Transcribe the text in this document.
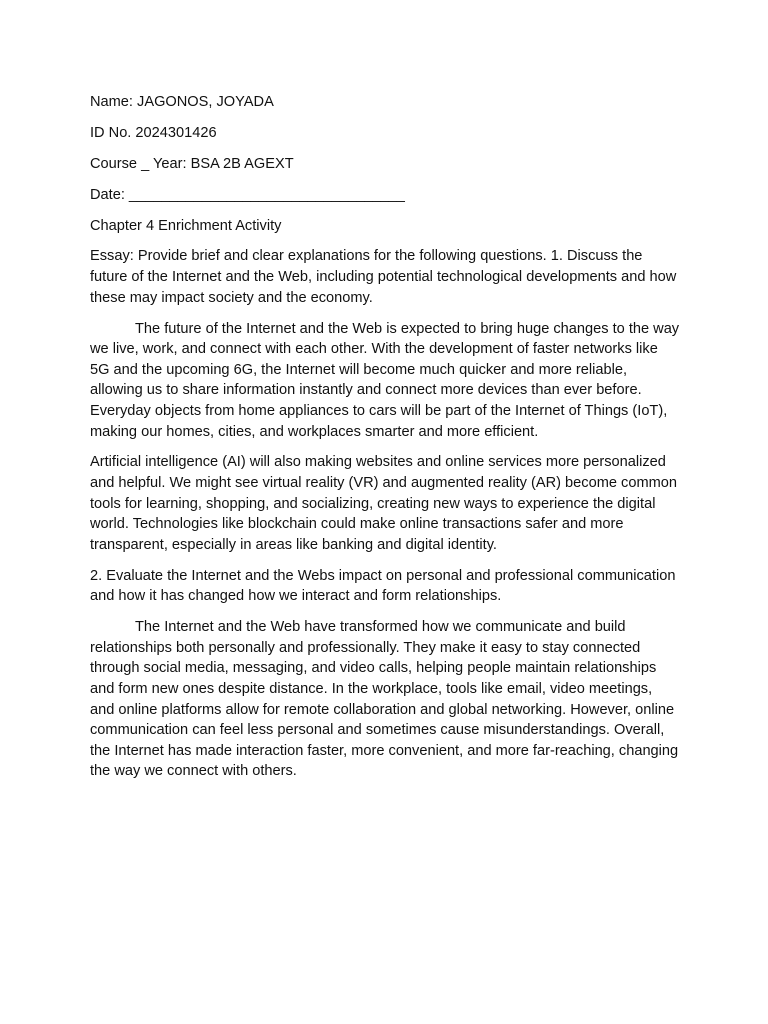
Name: JAGONOS, JOYADA
ID No. 2024301426
Course _ Year: BSA 2B AGEXT
Date: __________________________________
Chapter 4 Enrichment Activity

Essay: Provide brief and clear explanations for the following questions. 1. Discuss the future of the Internet and the Web, including potential technological developments and how these may impact society and the economy.

The future of the Internet and the Web is expected to bring huge changes to the way we live, work, and connect with each other. With the development of faster networks like 5G and the upcoming 6G, the Internet will become much quicker and more reliable, allowing us to share information instantly and connect more devices than ever before. Everyday objects from home appliances to cars will be part of the Internet of Things (IoT), making our homes, cities, and workplaces smarter and more efficient.

Artificial intelligence (AI) will also making websites and online services more personalized and helpful. We might see virtual reality (VR) and augmented reality (AR) become common tools for learning, shopping, and socializing, creating new ways to experience the digital world. Technologies like blockchain could make online transactions safer and more transparent, especially in areas like banking and digital identity.

2. Evaluate the Internet and the Webs impact on personal and professional communication and how it has changed how we interact and form relationships.

The Internet and the Web have transformed how we communicate and build relationships both personally and professionally. They make it easy to stay connected through social media, messaging, and video calls, helping people maintain relationships and form new ones despite distance. In the workplace, tools like email, video meetings, and online platforms allow for remote collaboration and global networking. However, online communication can feel less personal and sometimes cause misunderstandings. Overall, the Internet has made interaction faster, more convenient, and more far-reaching, changing the way we connect with others.
